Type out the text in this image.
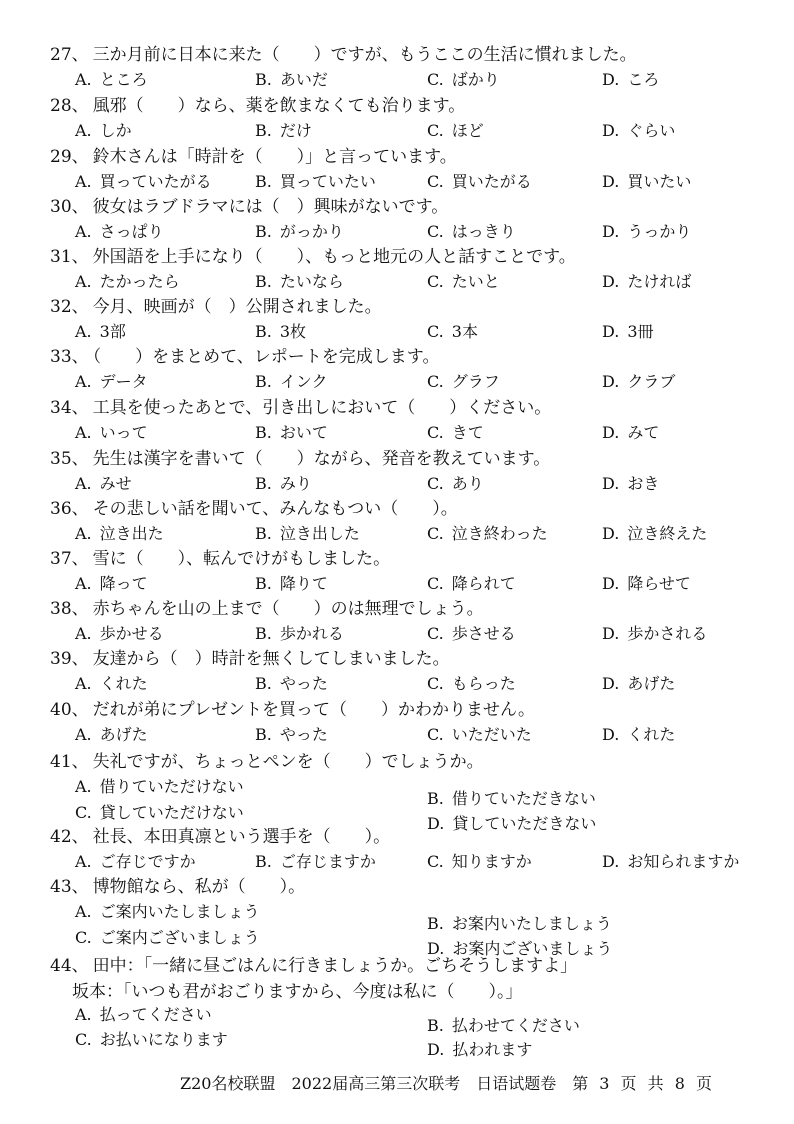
27、 三か月前に日本に来た（　　）ですが、もうここの生活に慣れました。
A. ところ	B. あいだ	C. ばかり	D. ころ
28、 風邪（　　）なら、薬を飲まなくても治ります。
A. しか	B. だけ	C. ほど	D. ぐらい
29、 鈴木さんは「時計を（　　）」と言っています。
A. 買っていたがる	B. 買っていたい	C. 買いたがる	D. 買いたい
30、 彼女はラブドラマには（　）興味がないです。
A. さっぱり	B. がっかり	C. はっきり	D. うっかり
31、 外国語を上手になり（　　）、もっと地元の人と話すことです。
A. たかったら	B. たいなら	C. たいと	D. たければ
32、 今月、映画が（　）公開されました。
A. 3部	B. 3枚	C. 3本	D. 3冊
33、 （　　）をまとめて、レポートを完成します。
A. データ	B. インク	C. グラフ	D. クラブ
34、 工具を使ったあとで、引き出しにおいて（　　）ください。
A. いって	B. おいて	C. きて	D. みて
35、 先生は漢字を書いて（　　）ながら、発音を教えています。
A. みせ	B. みり	C. あり	D. おき
36、 その悲しい話を聞いて、みんなもつい（　　）。
A. 泣き出た	B. 泣き出した	C. 泣き終わった	D. 泣き終えた
37、 雪に（　　）、転んでけがもしました。
A. 降って	B. 降りて	C. 降られて	D. 降らせて
38、 赤ちゃんを山の上まで（　　）のは無理でしょう。
A. 歩かせる	B. 歩かれる	C. 歩させる	D. 歩かされる
39、 友達から（　）時計を無くしてしまいました。
A. くれた	B. やった	C. もらった	D. あげた
40、 だれが弟にプレゼントを買って（　　）かわかりません。
A. あげた	B. やった	C. いただいた	D. くれた
41、 失礼ですが、ちょっとペンを（　　）でしょうか。
A. 借りていただけない
B. 借りていただきない
C. 貸していただけない
D. 貸していただきない
42、 社長、本田真凛という選手を（　　）。
A. ご存じですか	B. ご存じますか	C. 知りますか	D. お知られますか
43、 博物館なら、私が（　　）。
A. ご案内いたしましょう
B. お案内いたしましょう
C. ご案内ございましょう
D. お案内ございましょう
44、 田中：「一緒に昼ごはんに行きましょうか。ごちそうしますよ」
坂本：「いつも君がおごりますから、今度は私に（　　）。」
A. 払ってください
B. 払わせてください
C. お払いになります
D. 払われます
Z20名校联盟　2022届高三第三次联考　日语试题卷　第 3 页 共 8 页
